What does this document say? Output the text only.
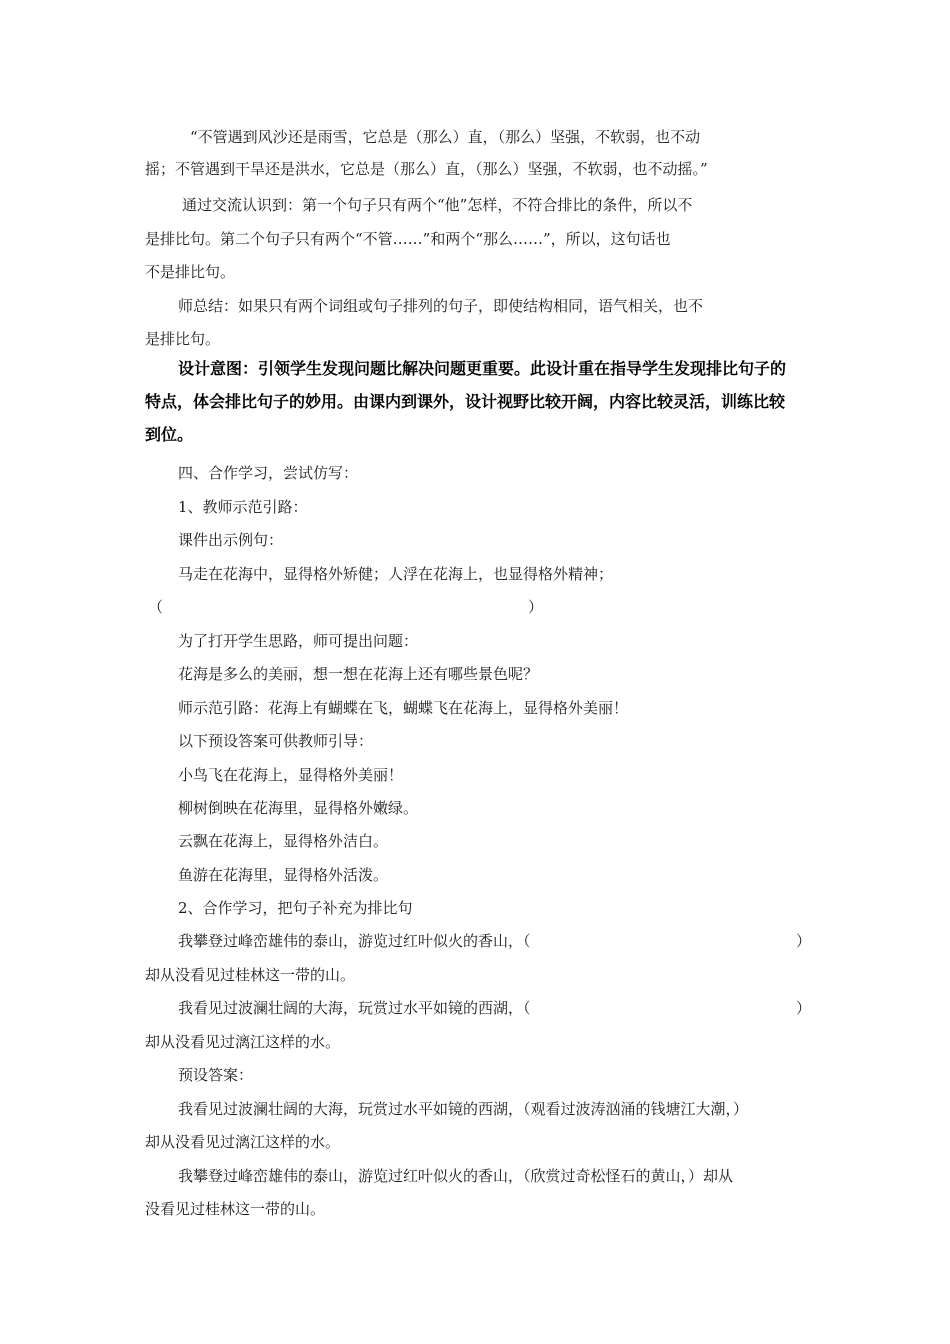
“不管遇到风沙还是雨雪，它总是（那么）直，（那么）坚强，不软弱，也不动
摇；不管遇到干旱还是洪水，它总是（那么）直，（那么）坚强，不软弱，也不动摇。”
通过交流认识到：第一个句子只有两个“他”怎样，不符合排比的条件，所以不
是排比句。第二个句子只有两个“不管……”和两个“那么……”，所以，这句话也
不是排比句。
师总结：如果只有两个词组或句子排列的句子，即使结构相同，语气相关，也不
是排比句。
设计意图：引领学生发现问题比解决问题更重要。此设计重在指导学生发现排比句子的
特点，体会排比句子的妙用。由课内到课外，设计视野比较开阔，内容比较灵活，训练比较
到位。
四、合作学习，尝试仿写：
1、教师示范引路：
课件出示例句：
马走在花海中，显得格外矫健；人浮在花海上，也显得格外精神；
（	）
为了打开学生思路，师可提出问题：
花海是多么的美丽，想一想在花海上还有哪些景色呢？
师示范引路：花海上有蝴蝶在飞，蝴蝶飞在花海上，显得格外美丽！
以下预设答案可供教师引导：
小鸟飞在花海上，显得格外美丽！
柳树倒映在花海里，显得格外嫩绿。
云飘在花海上，显得格外洁白。
鱼游在花海里，显得格外活泼。
2、合作学习，把句子补充为排比句
我攀登过峰峦雄伟的泰山，游览过红叶似火的香山，（	）
却从没看见过桂林这一带的山。
我看见过波澜壮阔的大海，玩赏过水平如镜的西湖，（	）
却从没看见过漓江这样的水。
预设答案：
我看见过波澜壮阔的大海，玩赏过水平如镜的西湖，（观看过波涛汹涌的钱塘江大潮，）
却从没看见过漓江这样的水。
我攀登过峰峦雄伟的泰山，游览过红叶似火的香山，（欣赏过奇松怪石的黄山，）却从
没看见过桂林这一带的山。
